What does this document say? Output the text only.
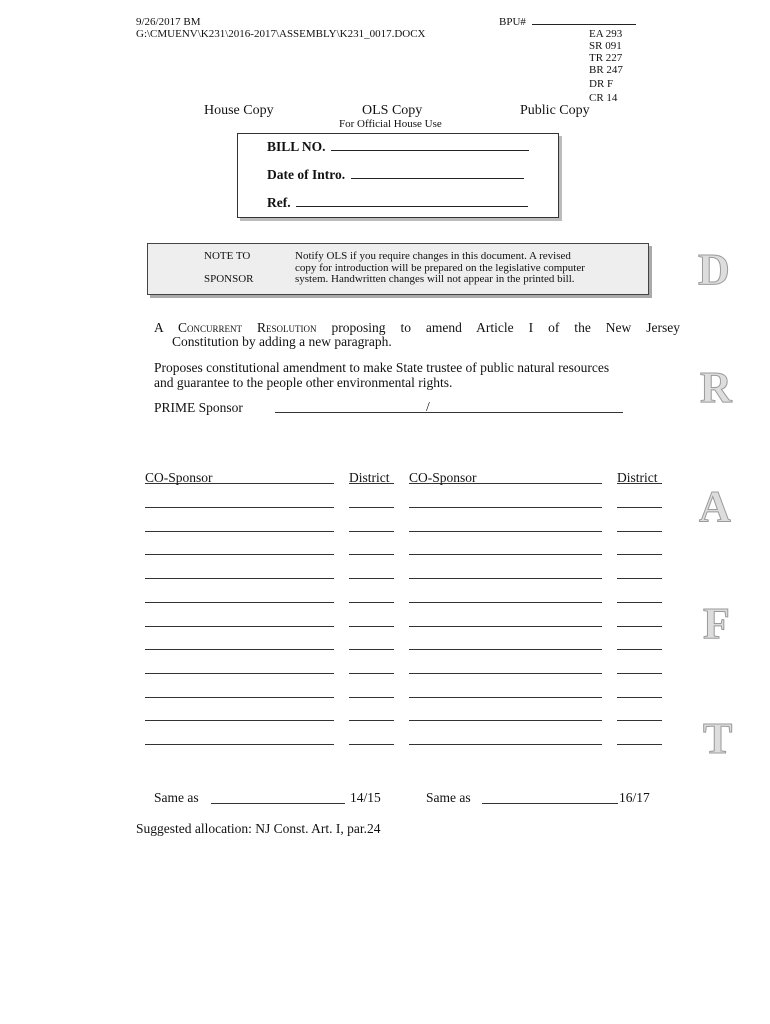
9/26/2017 BM
G:\CMUENV\K231\2016-2017\ASSEMBLY\K231_0017.DOCX
BPU#
EA 293
SR 091
TR 227
BR 247
DR F
CR 14
House Copy	OLS Copy
For Official House Use
Public Copy
BILL NO.
Date of Intro.
Ref.
NOTE TO
SPONSOR
Notify OLS if you require changes in this document. A revised
copy for introduction will be prepared on the legislative computer
system. Handwritten changes will not appear in the printed bill.
A Concurrent Resolution proposing to amend Article I of the New Jersey
Constitution by adding a new paragraph.
Proposes constitutional amendment to make State trustee of public natural resources
and guarantee to the people other environmental rights.
PRIME Sponsor	/
CO-Sponsor	District CO-Sponsor	District
Same as	14/15	Same as	16/17
Suggested allocation: NJ Const. Art. I, par.24
D
R
A
F
T
